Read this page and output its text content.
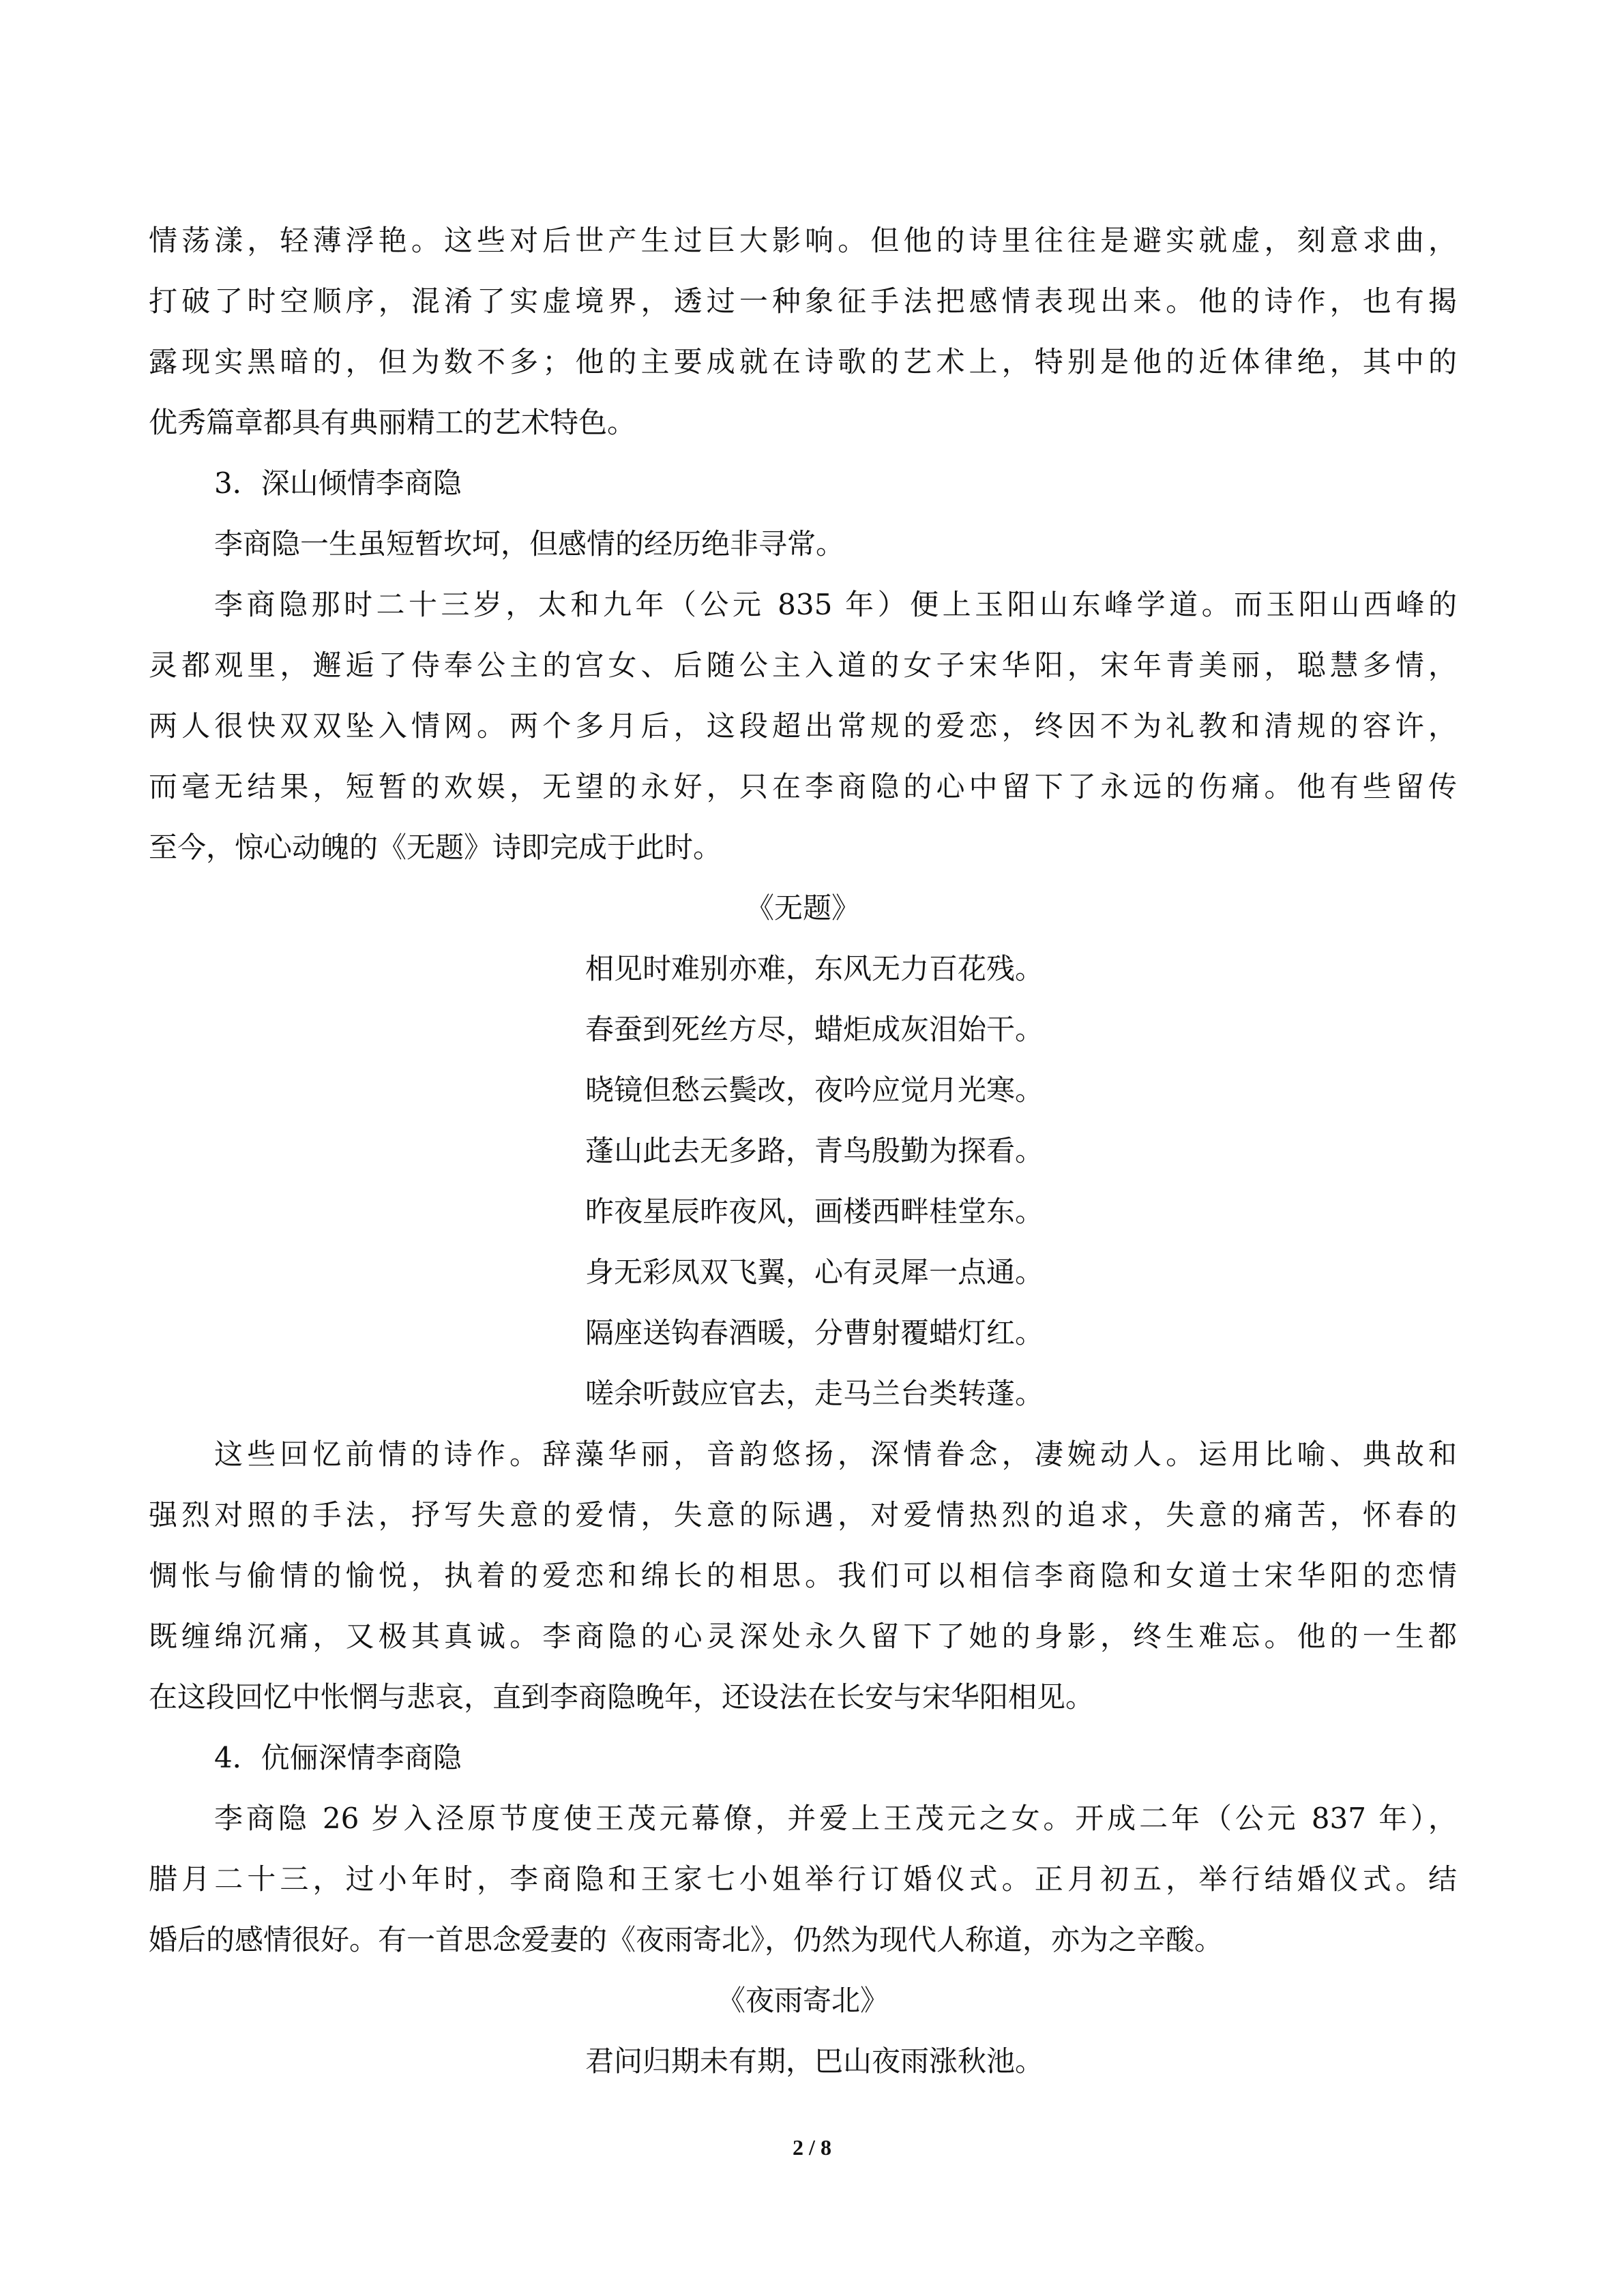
情荡漾，轻薄浮艳。这些对后世产生过巨大影响。但他的诗里往往是避实就虚，刻意求曲，
打破了时空顺序，混淆了实虚境界，透过一种象征手法把感情表现出来。他的诗作，也有揭
露现实黑暗的，但为数不多；他的主要成就在诗歌的艺术上，特别是他的近体律绝，其中的
优秀篇章都具有典丽精工的艺术特色。
3．深山倾情李商隐
李商隐一生虽短暂坎坷，但感情的经历绝非寻常。
李商隐那时二十三岁，太和九年（公元 835 年）便上玉阳山东峰学道。而玉阳山西峰的
灵都观里，邂逅了侍奉公主的宫女、后随公主入道的女子宋华阳，宋年青美丽，聪慧多情，
两人很快双双坠入情网。两个多月后，这段超出常规的爱恋，终因不为礼教和清规的容许，
而毫无结果，短暂的欢娱，无望的永好，只在李商隐的心中留下了永远的伤痛。他有些留传
至今，惊心动魄的《无题》诗即完成于此时。
《无题》
相见时难别亦难，东风无力百花残。
春蚕到死丝方尽，蜡炬成灰泪始干。
晓镜但愁云鬓改，夜吟应觉月光寒。
蓬山此去无多路，青鸟殷勤为探看。
昨夜星辰昨夜风，画楼西畔桂堂东。
身无彩凤双飞翼，心有灵犀一点通。
隔座送钩春酒暖，分曹射覆蜡灯红。
嗟余听鼓应官去，走马兰台类转蓬。
这些回忆前情的诗作。辞藻华丽，音韵悠扬，深情眷念，凄婉动人。运用比喻、典故和
强烈对照的手法，抒写失意的爱情，失意的际遇，对爱情热烈的追求，失意的痛苦，怀春的
惆怅与偷情的愉悦，执着的爱恋和绵长的相思。我们可以相信李商隐和女道士宋华阳的恋情
既缠绵沉痛，又极其真诚。李商隐的心灵深处永久留下了她的身影，终生难忘。他的一生都
在这段回忆中怅惘与悲哀，直到李商隐晚年，还设法在长安与宋华阳相见。
4．伉俪深情李商隐
李商隐 26 岁入泾原节度使王茂元幕僚，并爱上王茂元之女。开成二年（公元 837 年），
腊月二十三，过小年时，李商隐和王家七小姐举行订婚仪式。正月初五，举行结婚仪式。结
婚后的感情很好。有一首思念爱妻的《夜雨寄北》，仍然为现代人称道，亦为之辛酸。
《夜雨寄北》
君问归期未有期，巴山夜雨涨秋池。
2 / 8
